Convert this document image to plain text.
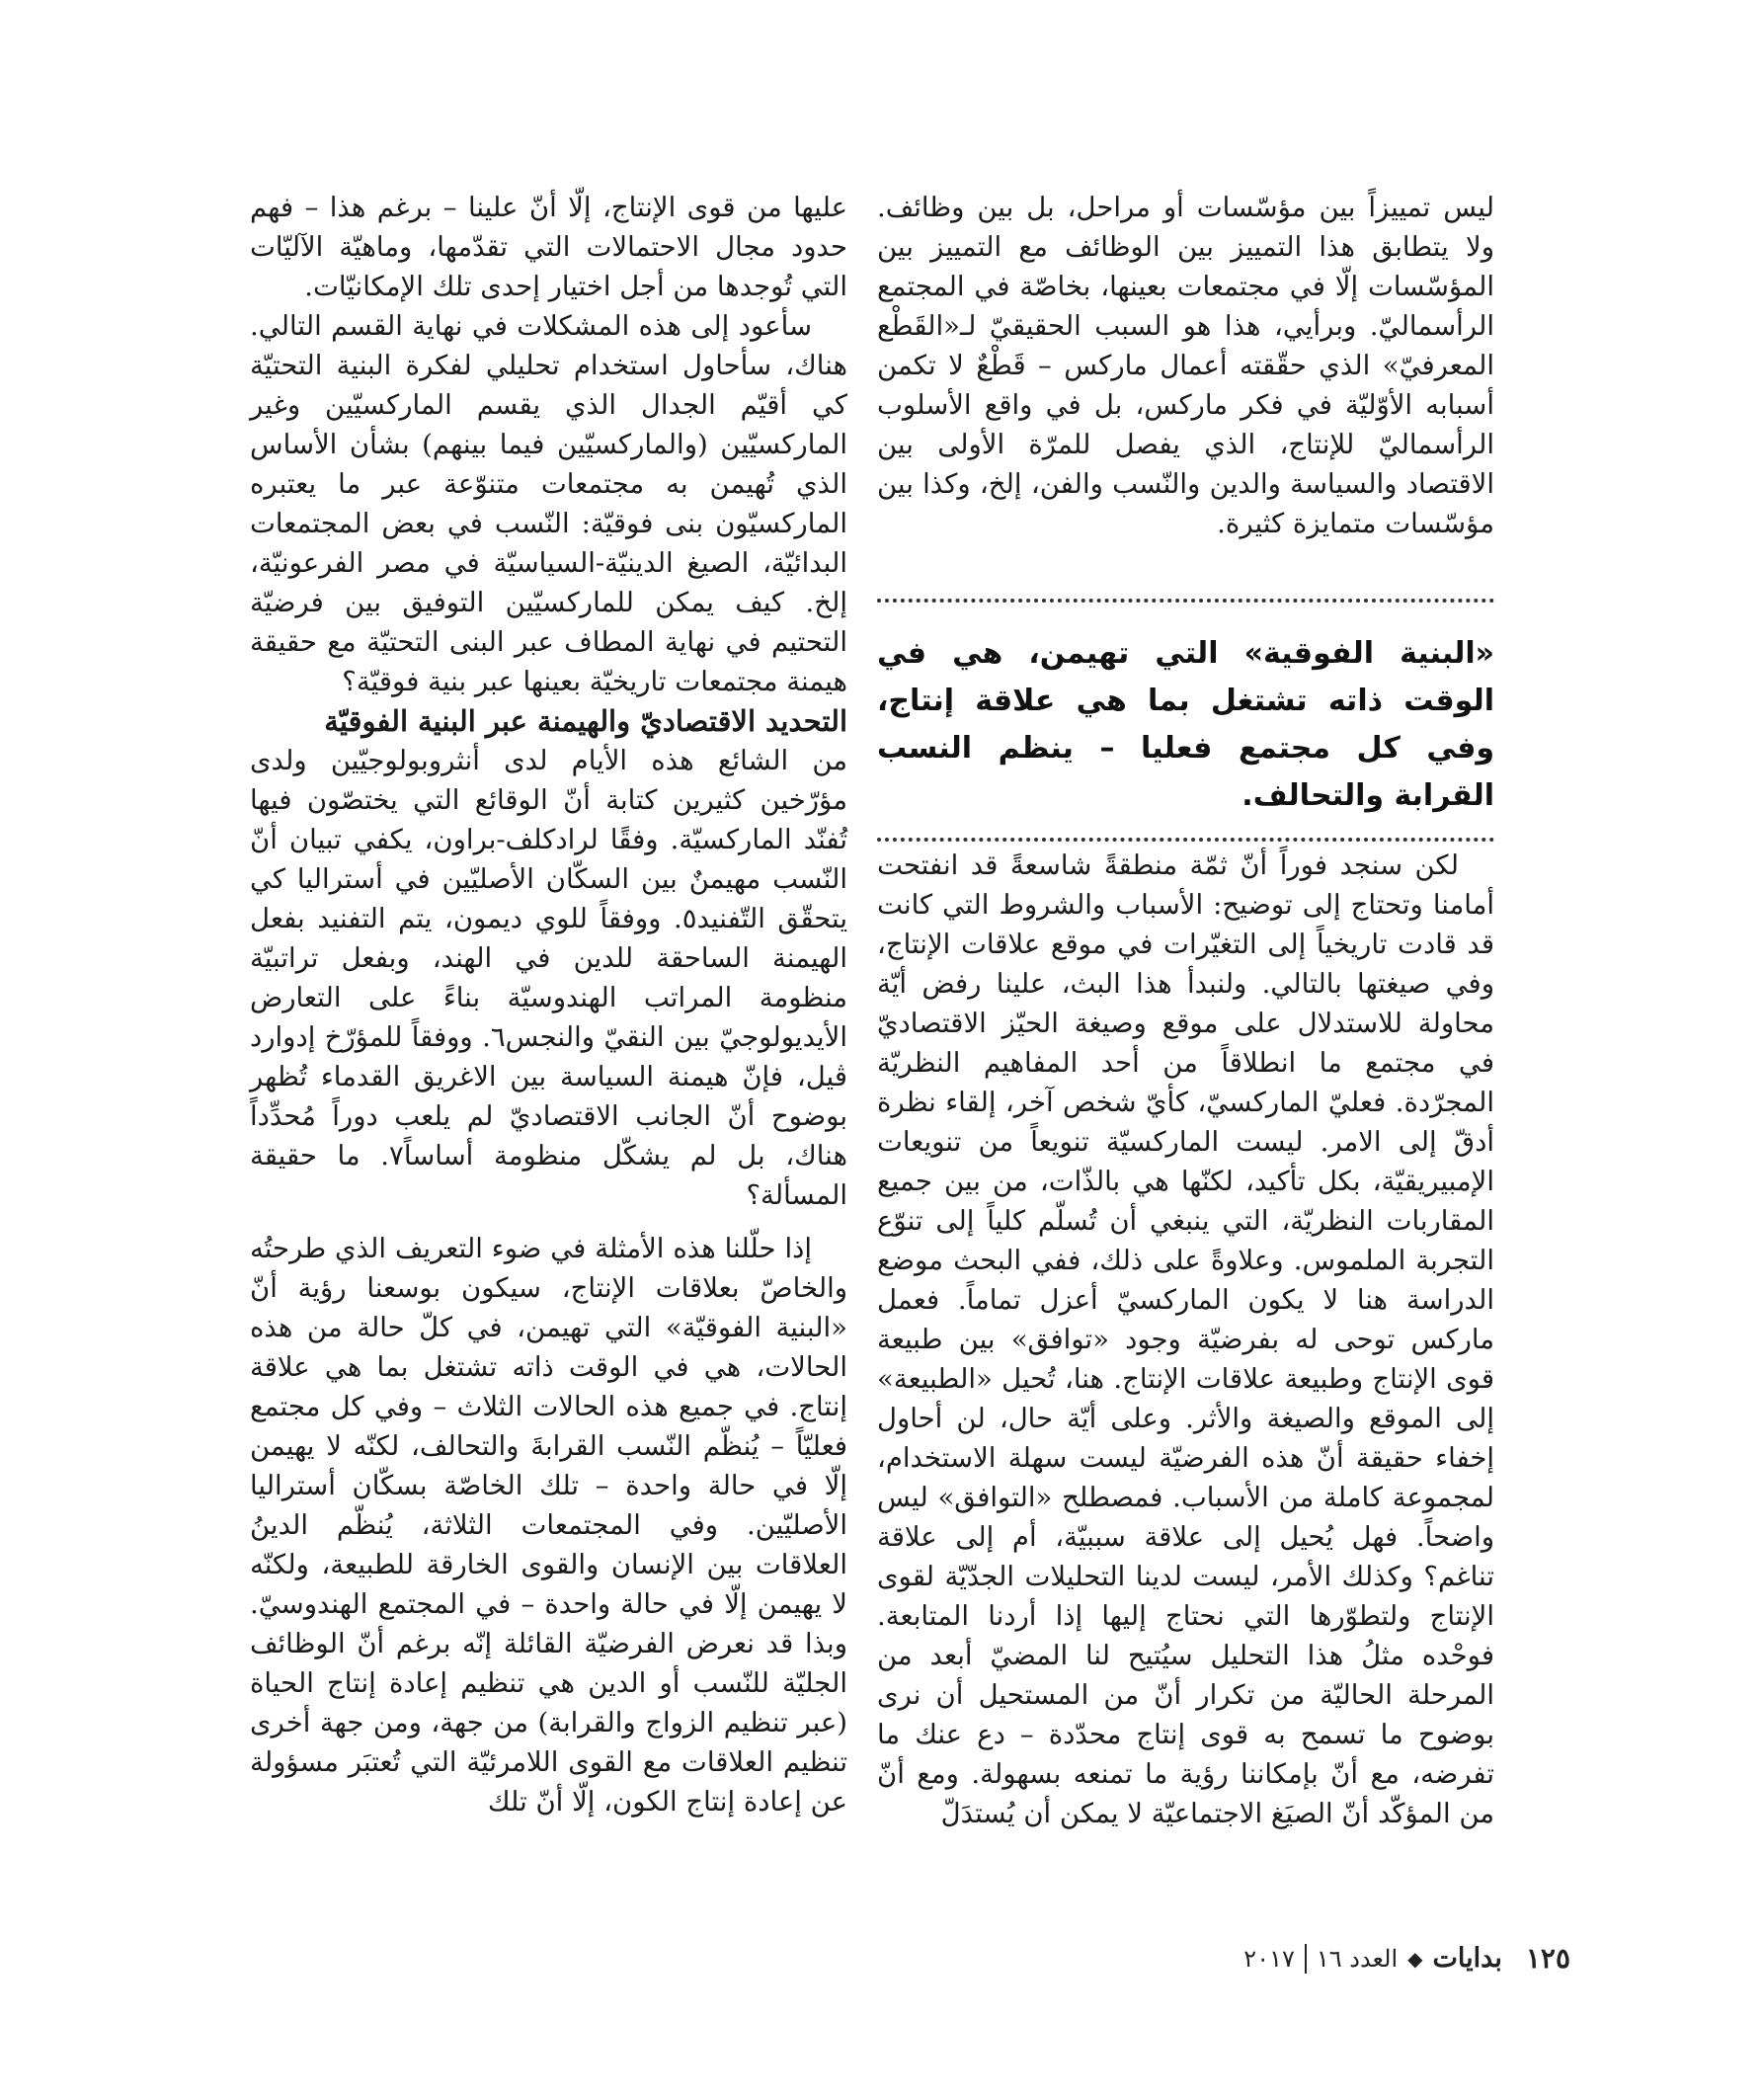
ليس تمييزاً بين مؤسّسات أو مراحل، بل بين وظائف. ولا يتطابق هذا التمييز بين الوظائف مع التمييز بين المؤسّسات إلّا في مجتمعات بعينها، بخاصّة في المجتمع الرأسماليّ. وبرأيي، هذا هو السبب الحقيقيّ لـ«القَطْع المعرفيّ» الذي حقّقته أعمال ماركس – قَطْعٌ لا تكمن أسبابه الأوّليّة في فكر ماركس، بل في واقع الأسلوب الرأسماليّ للإنتاج، الذي يفصل للمرّة الأولى بين الاقتصاد والسياسة والدين والنّسب والفن، إلخ، وكذا بين مؤسّسات متمايزة كثيرة.

«البنية الفوقية» التي تهيمن، هي في الوقت ذاته تشتغل بما هي علاقة إنتاج، وفي كل مجتمع فعليا – ينظم النسب القرابة والتحالف.

لكن سنجد فوراً أنّ ثمّة منطقةً شاسعةً قد انفتحت أمامنا وتحتاج إلى توضيح: الأسباب والشروط التي كانت قد قادت تاريخياً إلى التغيّرات في موقع علاقات الإنتاج، وفي صيغتها بالتالي. ولنبدأ هذا البث، علينا رفض أيّة محاولة للاستدلال على موقع وصيغة الحيّز الاقتصاديّ في مجتمع ما انطلاقاً من أحد المفاهيم النظريّة المجرّدة. فعليّ الماركسيّ، كأيّ شخص آخر، إلقاء نظرة أدقّ إلى الامر. ليست الماركسيّة تنويعاً من تنويعات الإمبيريقيّة، بكل تأكيد، لكنّها هي بالذّات، من بين جميع المقاربات النظريّة، التي ينبغي أن تُسلّم كلياً إلى تنوّع التجربة الملموس. وعلاوةً على ذلك، ففي البحث موضع الدراسة هنا لا يكون الماركسيّ أعزل تماماً. فعمل ماركس توحى له بفرضيّة وجود «توافق» بين طبيعة قوى الإنتاج وطبيعة علاقات الإنتاج. هنا، تُحيل «الطبيعة» إلى الموقع والصيغة والأثر. وعلى أيّة حال، لن أحاول إخفاء حقيقة أنّ هذه الفرضيّة ليست سهلة الاستخدام، لمجموعة كاملة من الأسباب. فمصطلح «التوافق» ليس واضحاً. فهل يُحيل إلى علاقة سببيّة، أم إلى علاقة تناغم؟ وكذلك الأمر، ليست لدينا التحليلات الجدّيّة لقوى الإنتاج ولتطوّرها التي نحتاج إليها إذا أردنا المتابعة. فوحْده مثلُ هذا التحليل سيُتيح لنا المضيّ أبعد من المرحلة الحاليّة من تكرار أنّ من المستحيل أن نرى بوضوح ما تسمح به قوى إنتاج محدّدة – دع عنك ما تفرضه، مع أنّ بإمكاننا رؤية ما تمنعه بسهولة. ومع أنّ من المؤكّد أنّ الصيَغ الاجتماعيّة لا يمكن أن يُستدَلّ

عليها من قوى الإنتاج، إلّا أنّ علينا – برغم هذا – فهم حدود مجال الاحتمالات التي تقدّمها، وماهيّة الآليّات التي تُوجدها من أجل اختيار إحدى تلك الإمكانيّات.

سأعود إلى هذه المشكلات في نهاية القسم التالي. هناك، سأحاول استخدام تحليلي لفكرة البنية التحتيّة كي أقيّم الجدال الذي يقسم الماركسيّين وغير الماركسيّين (والماركسيّين فيما بينهم) بشأن الأساس الذي تُهيمن به مجتمعات متنوّعة عبر ما يعتبره الماركسيّون بنى فوقيّة: النّسب في بعض المجتمعات البدائيّة، الصيغ الدينيّة-السياسيّة في مصر الفرعونيّة، إلخ. كيف يمكن للماركسيّين التوفيق بين فرضيّة التحتيم في نهاية المطاف عبر البنى التحتيّة مع حقيقة هيمنة مجتمعات تاريخيّة بعينها عبر بنية فوقيّة؟

التحديد الاقتصاديّ والهيمنة عبر البنية الفوقيّة

من الشائع هذه الأيام لدى أنثروبولوجيّين ولدى مؤرّخين كثيرين كتابة أنّ الوقائع التي يختصّون فيها تُفنّد الماركسيّة. وفقًا لرادكلف-براون، يكفي تبيان أنّ النّسب مهيمنٌ بين السكّان الأصليّين في أستراليا كي يتحقّق التّفنيد٥. ووفقاً للوي ديمون، يتم التفنيد بفعل الهيمنة الساحقة للدين في الهند، وبفعل تراتبيّة منظومة المراتب الهندوسيّة بناءً على التعارض الأيديولوجيّ بين النقيّ والنجس٦. ووفقاً للمؤرّخ إدوارد ڤيل، فإنّ هيمنة السياسة بين الاغريق القدماء تُظهر بوضوح أنّ الجانب الاقتصاديّ لم يلعب دوراً مُحدِّداً هناك، بل لم يشكّل منظومة أساساً٧. ما حقيقة المسألة؟

إذا حلّلنا هذه الأمثلة في ضوء التعريف الذي طرحتُه والخاصّ بعلاقات الإنتاج، سيكون بوسعنا رؤية أنّ «البنية الفوقيّة» التي تهيمن، في كلّ حالة من هذه الحالات، هي في الوقت ذاته تشتغل بما هي علاقة إنتاج. في جميع هذه الحالات الثلاث – وفي كل مجتمع فعليّاً – يُنظّم النّسب القرابةَ والتحالف، لكنّه لا يهيمن إلّا في حالة واحدة – تلك الخاصّة بسكّان أستراليا الأصليّين. وفي المجتمعات الثلاثة، يُنظّم الدينُ العلاقات بين الإنسان والقوى الخارقة للطبيعة، ولكنّه لا يهيمن إلّا في حالة واحدة – في المجتمع الهندوسيّ. وبذا قد نعرض الفرضيّة القائلة إنّه برغم أنّ الوظائف الجليّة للنّسب أو الدين هي تنظيم إعادة إنتاج الحياة (عبر تنظيم الزواج والقرابة) من جهة، ومن جهة أخرى تنظيم العلاقات مع القوى اللامرئيّة التي تُعتبَر مسؤولة عن إعادة إنتاج الكون، إلّا أنّ تلك

١٢٥
بدايات
◆
العدد ١٦
٢٠١٧
